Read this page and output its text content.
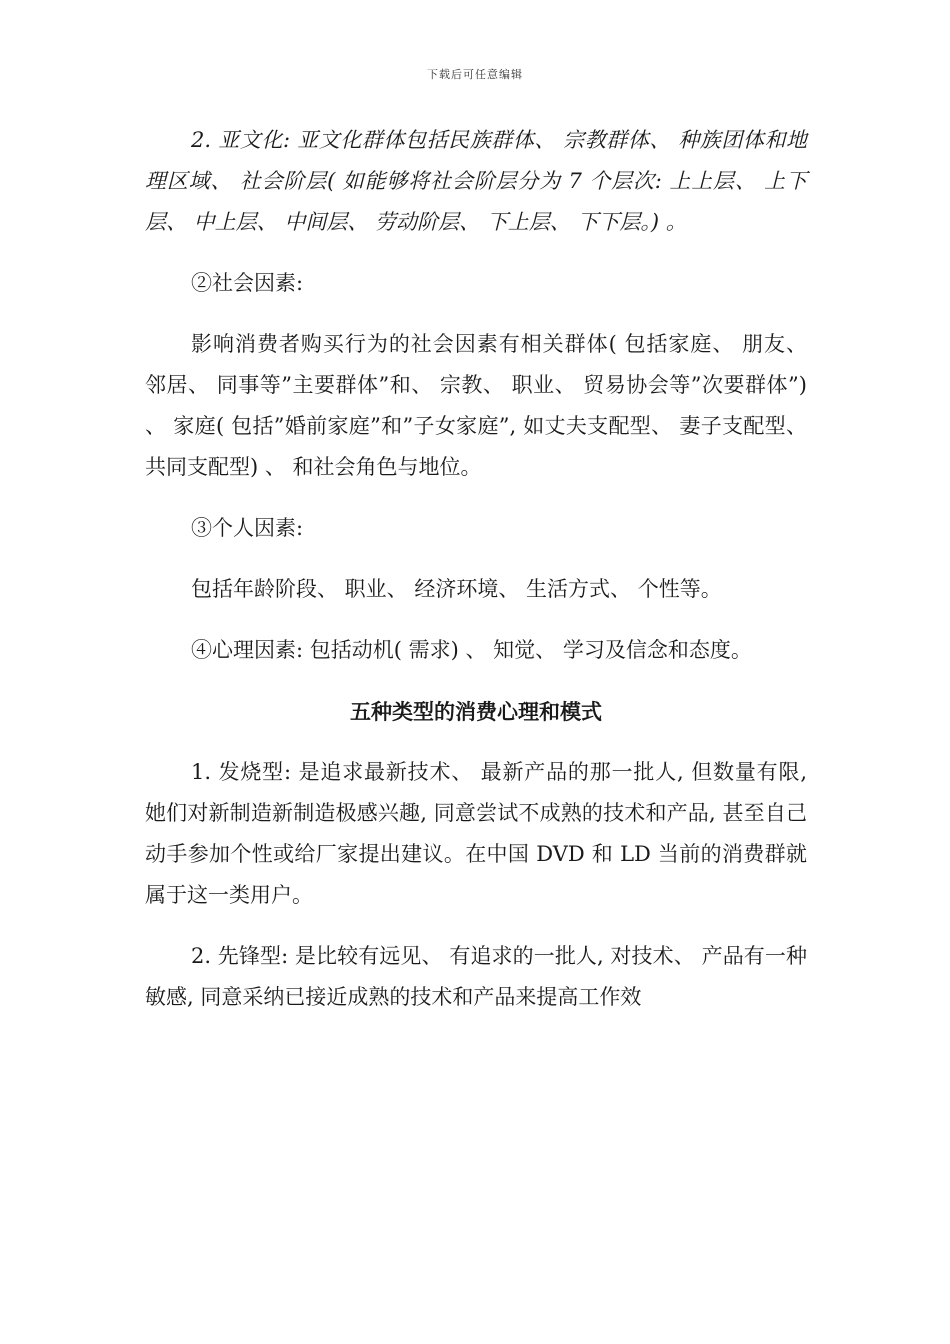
下载后可任意编辑

2. 亚文化: 亚文化群体包括民族群体、 宗教群体、 种族团体和地理区域、 社会阶层( 如能够将社会阶层分为 7 个层次: 上上层、 上下层、 中上层、 中间层、 劳动阶层、 下上层、 下下层。) 。

②社会因素:

影响消费者购买行为的社会因素有相关群体( 包括家庭、 朋友、 邻居、 同事等”主要群体”和、 宗教、 职业、 贸易协会等”次要群体”) 、 家庭( 包括”婚前家庭”和”子女家庭”, 如丈夫支配型、 妻子支配型、 共同支配型) 、 和社会角色与地位。

③个人因素:

包括年龄阶段、 职业、 经济环境、 生活方式、 个性等。

④心理因素: 包括动机( 需求) 、 知觉、 学习及信念和态度。

五种类型的消费心理和模式

1. 发烧型: 是追求最新技术、 最新产品的那一批人, 但数量有限, 她们对新制造新制造极感兴趣, 同意尝试不成熟的技术和产品, 甚至自己动手参加个性或给厂家提出建议。在中国 DVD 和 LD 当前的消费群就属于这一类用户。

2. 先锋型: 是比较有远见、 有追求的一批人, 对技术、 产品有一种敏感, 同意采纳已接近成熟的技术和产品来提高工作效
